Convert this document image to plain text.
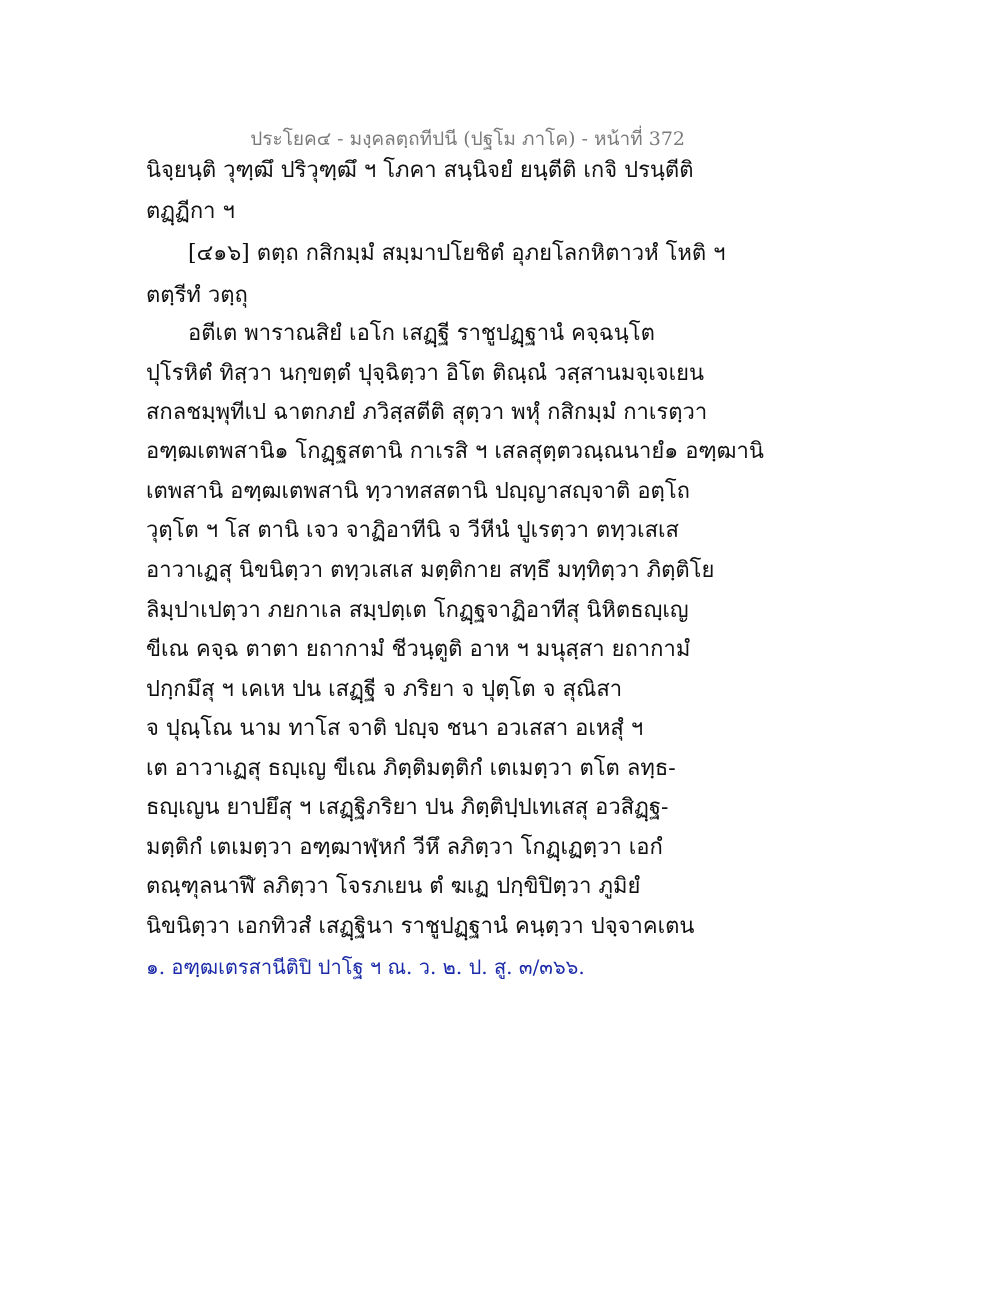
ประโยค๔ - มงฺคลตฺถทีปนี (ปฐโม ภาโค) - หน้าที่ 372
นิจฺยนฺติ วุฑฺฒึ ปริวุฑฺฒึ ฯ โภคา สนฺนิจยํ ยนฺตีติ เกจิ ปรนฺตีติ
ตฏฺฏีกา ฯ
[๔๑๖] ตตฺถ กสิกมฺมํ สมฺมาปโยชิตํ อุภยโลกหิตาวหํ โหติ ฯ
ตตฺรีทํ วตฺถุ
อตีเต พาราณสิยํ เอโก เสฏฺฐี ราชูปฏฺฐานํ คจฺฉนฺโต
ปุโรหิตํ ทิสฺวา นกฺขตฺตํ ปุจฺฉิตฺวา อิโต ติณฺณํ วสฺสานมจฺเจเยน
สกลชมฺพุทีเป ฉาตกภยํ ภวิสฺสตีติ สุตฺวา พหุํ กสิกมฺมํ กาเรตฺวา
อฑฺฒเตพสานิ๑ โกฏฺฐสตานิ กาเรสิ ฯ เสลสุตฺตวณฺณนายํ๑ อฑฺฒานิ
เตพสานิ อฑฺฒเตพสานิ ทฺวาทสสตานิ ปญฺญาสญฺจาติ อตฺโถ
วุตฺโต ฯ โส ตานิ เจว จาฏิอาทีนิ จ วีหีนํ ปูเรตฺวา ตทฺวเสเส
อาวาเฏสุ นิขนิตฺวา ตทฺวเสเส มตฺติกาย สทฺธึ มทฺทิตฺวา ภิตฺติโย
ลิมฺปาเปตฺวา ภยกาเล สมฺปตฺเต โกฏฺฐจาฏิอาทีสุ นิหิตธญฺเญ
ขีเณ คจฺฉ ตาตา ยถากามํ ชีวนฺตูติ อาห ฯ มนุสฺสา ยถากามํ
ปกฺกมึสุ ฯ เคเห ปน เสฏฺฐี จ ภริยา จ ปุตฺโต จ สุณิสา
จ ปุณฺโณ นาม ทาโส จาติ ปญฺจ ชนา อวเสสา อเหสุํ ฯ
เต อาวาเฏสุ ธญฺเญ ขีเณ ภิตฺติมตฺติกํ เตเมตฺวา ตโต ลทฺธ-
ธญฺเญน ยาปยึสุ ฯ เสฏฺฐิภริยา ปน ภิตฺติปฺปเทเสสุ อวสิฏฺฐ-
มตฺติกํ เตเมตฺวา อฑฺฒาฬฺหกํ วีหึ ลภิตฺวา โกฏฺเฏตฺวา เอกํ
ตณฺฑุลนาฬึ ลภิตฺวา โจรภเยน ตํ ฆเฏ ปกฺขิปิตฺวา ภูมิยํ
นิขนิตฺวา เอกทิวสํ เสฏฺฐินา ราชูปฏฺฐานํ คนฺตฺวา ปจฺจาคเตน
๑. อฑฺฒเตรสานีติปิ ปาโฐ ฯ ณ. ว. ๒. ป. สู. ๓/๓๖๖.
